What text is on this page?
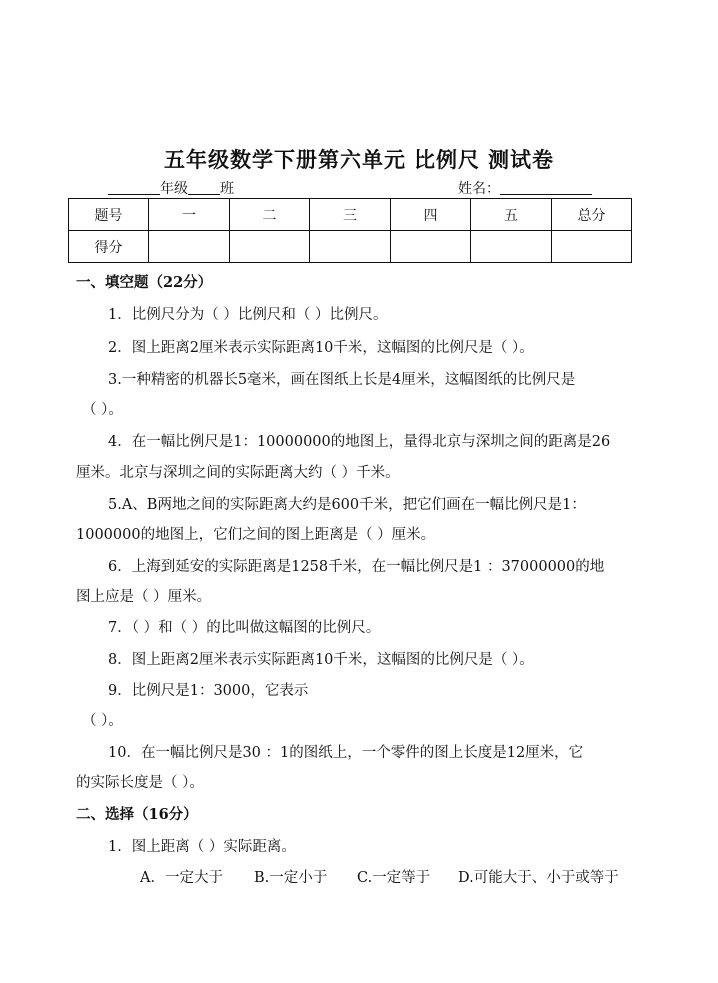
五年级数学下册第六单元 比例尺 测试卷
年级 班	姓名：
题号	一	二	三	四	五	总分
得分						
一、填空题（22分）
1．比例尺分为（ ）比例尺和（ ）比例尺。
2．图上距离2厘米表示实际距离10千米，这幅图的比例尺是（ ）。
3.一种精密的机器长5毫米，画在图纸上长是4厘米，这幅图纸的比例尺是
（ ）。
4．在一幅比例尺是1：10000000的地图上，量得北京与深圳之间的距离是26
厘米。北京与深圳之间的实际距离大约（ ）千米。
5.A、B两地之间的实际距离大约是600千米，把它们画在一幅比例尺是1：
1000000的地图上，它们之间的图上距离是（ ）厘米。
6．上海到延安的实际距离是1258千米，在一幅比例尺是1 ：37000000的地
图上应是（ ）厘米。
7．（ ）和（ ）的比叫做这幅图的比例尺。
8．图上距离2厘米表示实际距离10千米，这幅图的比例尺是（ ）。
9．比例尺是1：3000，它表示
（ ）。
10．在一幅比例尺是30 ：1的图纸上，一个零件的图上长度是12厘米，它
的实际长度是（ ）。
二、选择（16分）
1．图上距离（ ）实际距离。
A．一定大于 B.一定小于 C.一定等于 D.可能大于、小于或等于
